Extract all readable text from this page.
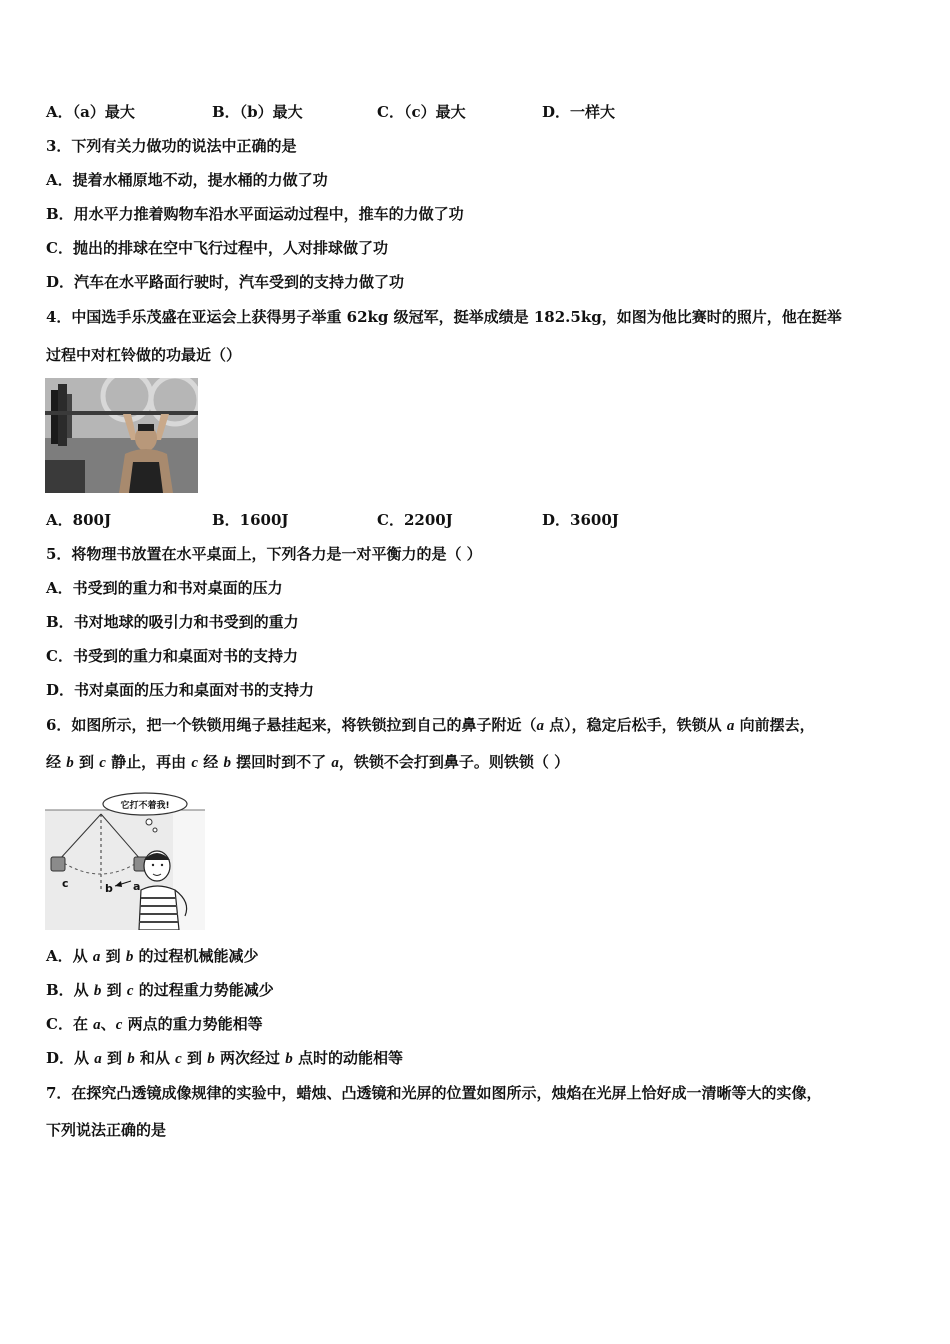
A．（a）最大	B．（b）最大	C．（c）最大	D．一样大
3．下列有关力做功的说法中正确的是
A．提着水桶原地不动，提水桶的力做了功
B．用水平力推着购物车沿水平面运动过程中，推车的力做了功
C．抛出的排球在空中飞行过程中，人对排球做了功
D．汽车在水平路面行驶时，汽车受到的支持力做了功
4．中国选手乐茂盛在亚运会上获得男子举重 62kg 级冠军，挺举成绩是 182.5kg，如图为他比赛时的照片，他在挺举
过程中对杠铃做的功最近（）
A．800J	B．1600J	C．2200J	D．3600J
5．将物理书放置在水平桌面上，下列各力是一对平衡力的是（ ）
A．书受到的重力和书对桌面的压力
B．书对地球的吸引力和书受到的重力
C．书受到的重力和桌面对书的支持力
D．书对桌面的压力和桌面对书的支持力
6．如图所示，把一个铁锁用绳子悬挂起来，将铁锁拉到自己的鼻子附近（a 点），稳定后松手，铁锁从 a 向前摆去，
经 b 到 c 静止，再由 c 经 b 摆回时到不了 a，铁锁不会打到鼻子。则铁锁（ ）
它打不着我!
c	b a
A．从 a 到 b 的过程机械能减少
B．从 b 到 c 的过程重力势能减少
C．在 a、c 两点的重力势能相等
D．从 a 到 b 和从 c 到 b 两次经过 b 点时的动能相等
7．在探究凸透镜成像规律的实验中，蜡烛、凸透镜和光屏的位置如图所示，烛焰在光屏上恰好成一清晰等大的实像，
下列说法正确的是
